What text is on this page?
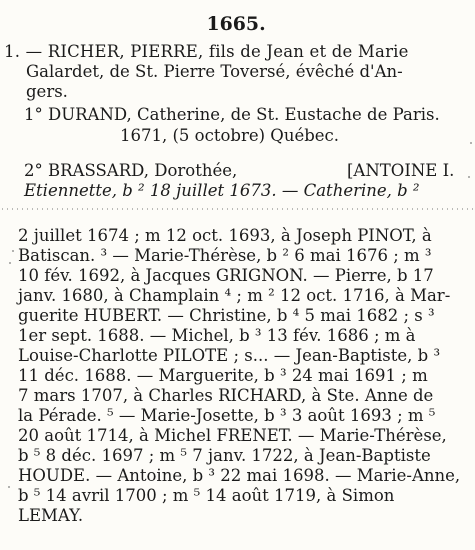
1665.
1. — RICHER, PIERRE, fils de Jean et de Marie
Galardet, de St. Pierre Toversé, évêché d'An-
gers.
1° DURAND, Catherine, de St. Eustache de Paris.
1671, (5 octobre) Québec.
2° BRASSARD, Dorothée,	[ANTOINE I.
Etiennette, b ² 18 juillet 1673. — Catherine, b ²
2 juillet 1674 ; m 12 oct. 1693, à Joseph PINOT, à
Batiscan. ³ — Marie-Thérèse, b ² 6 mai 1676 ; m ³
10 fév. 1692, à Jacques GRIGNON. — Pierre, b 17
janv. 1680, à Champlain ⁴ ; m ² 12 oct. 1716, à Mar-
guerite HUBERT. — Christine, b ⁴ 5 mai 1682 ; s ³
1er sept. 1688. — Michel, b ³ 13 fév. 1686 ; m à
Louise-Charlotte PILOTE ; s... — Jean-Baptiste, b ³
11 déc. 1688. — Marguerite, b ³ 24 mai 1691 ; m
7 mars 1707, à Charles RICHARD, à Ste. Anne de
la Pérade. ⁵ — Marie-Josette, b ³ 3 août 1693 ; m ⁵
20 août 1714, à Michel FRENET. — Marie-Thérèse,
b ⁵ 8 déc. 1697 ; m ⁵ 7 janv. 1722, à Jean-Baptiste
HOUDE. — Antoine, b ³ 22 mai 1698. — Marie-Anne,
b ⁵ 14 avril 1700 ; m ⁵ 14 août 1719, à Simon
LEMAY.
